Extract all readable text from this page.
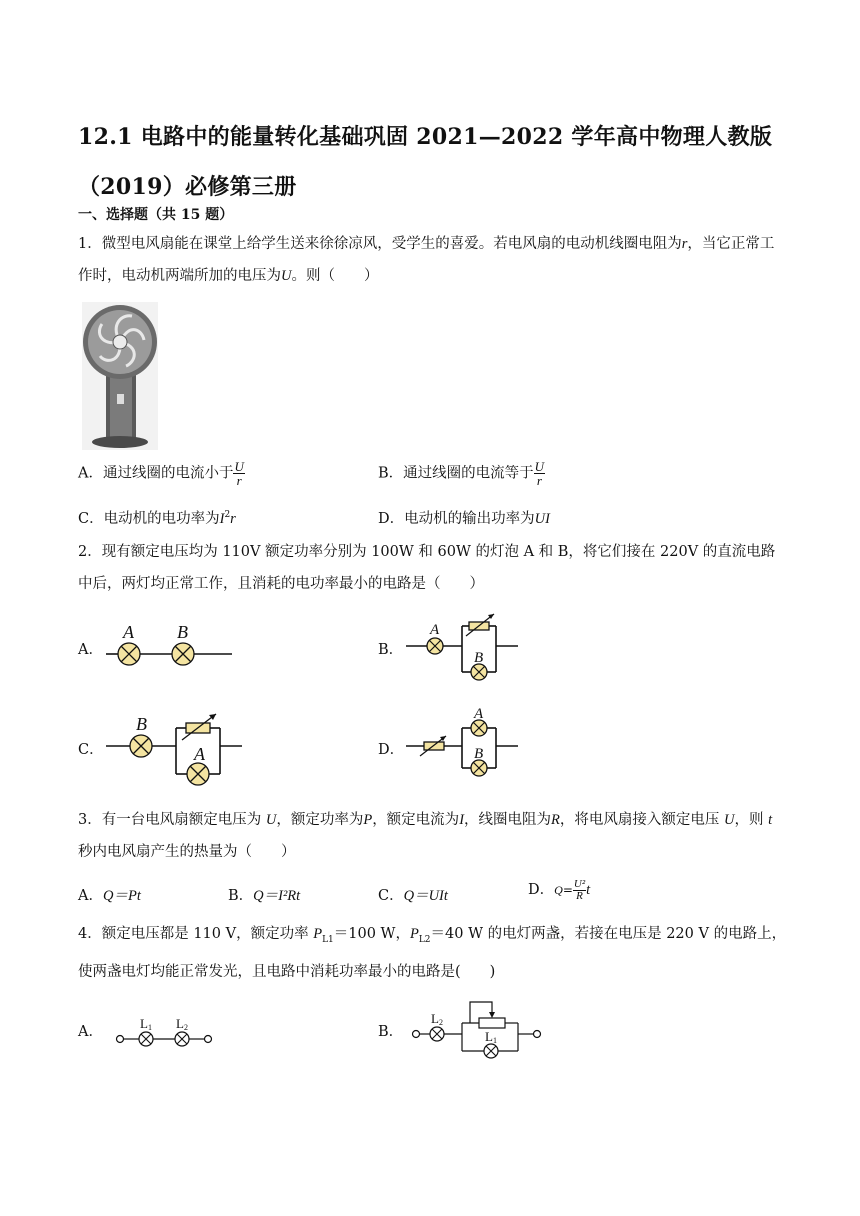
12.1 电路中的能量转化基础巩固 2021—2022 学年高中物理人教版（2019）必修第三册
一、选择题（共 15 题）
1．微型电风扇能在课堂上给学生送来徐徐凉风，受学生的喜爱。若电风扇的电动机线圈电阻为r，当它正常工作时，电动机两端所加的电压为U。则（　　）
A．通过线圈的电流小于 $\frac{U}{r}$	B．通过线圈的电流等于 $\frac{U}{r}$
C．电动机的电功率为$I^2r$	D．电动机的输出功率为UI
2．现有额定电压均为 110V 额定功率分别为 100W 和 60W 的灯泡 A 和 B，将它们接在 220V 的直流电路中后，两灯均正常工作，且消耗的电功率最小的电路是（　　）
A．
A B
B．
A
B
C．
B
A	D．
A
B
3．有一台电风扇额定电压为 U，额定功率为P，额定电流为I，线圈电阻为R，将电风扇接入额定电压 U，则 t 秒内电风扇产生的热量为（　　）
A．Q＝Pt	B．Q＝I²Rt	C．Q＝UIt	D．$Q= \frac{\text{U²}}{R}$ t
4．额定电压都是 110 V，额定功率 $P_{L1}=100$ W，$P_{L2}=40$ W 的电灯两盏，若接在电压是 220 V 的电路上，使两盏电灯均能正常发光，且电路中消耗功率最小的电路是(　　)
A．
L 1 L 2	B．
L 2
L 1
